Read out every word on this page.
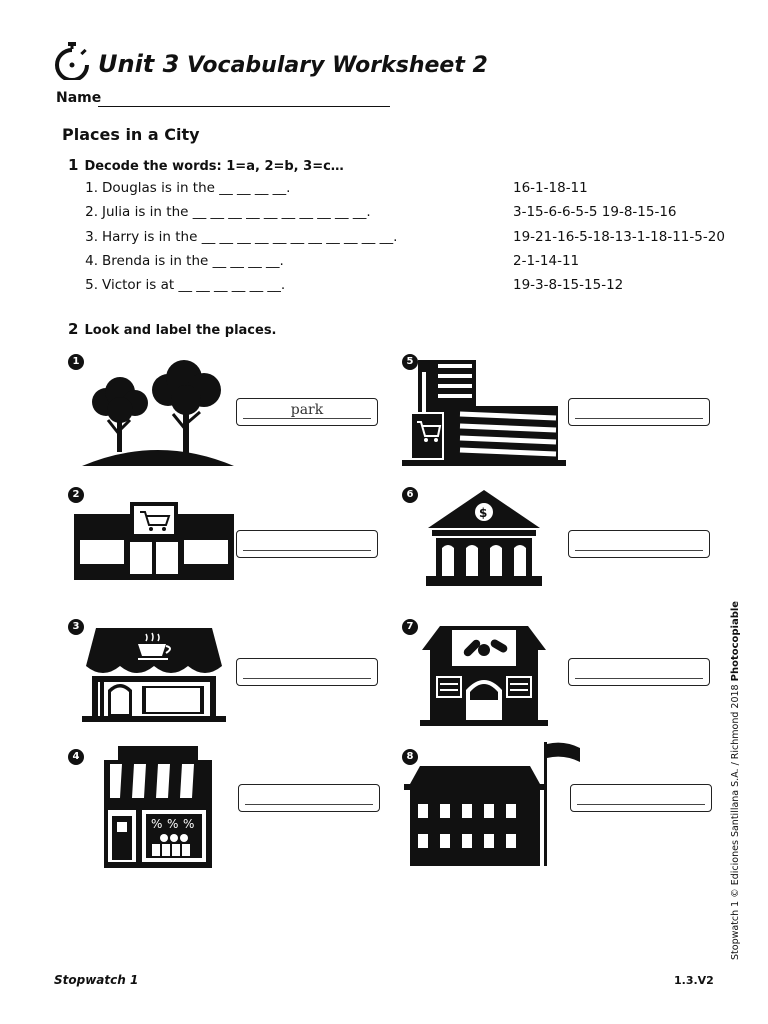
Unit 3 Vocabulary Worksheet 2
Name
Places in a City
1 Decode the words: 1=a, 2=b, 3=c…
1. Douglas is in the __ __ __ __.	16-1-18-11
2. Julia is in the __ __ __ __ __ __ __ __ __ __.	3-15-6-6-5-5 19-8-15-16
3. Harry is in the __ __ __ __ __ __ __ __ __ __ __.	19-21-16-5-18-13-1-18-11-5-20
4. Brenda is in the __ __ __ __.	2-1-14-11
5. Victor is at __ __ __ __ __ __.	19-3-8-15-15-12
2 Look and label the places.
1
park
2
3
4
% % %
5
6
$
7
8
Stopwatch 1	1.3.V2
Stopwatch 1 © Ediciones Santillana S.A. / Richmond 2018 Photocopiable
